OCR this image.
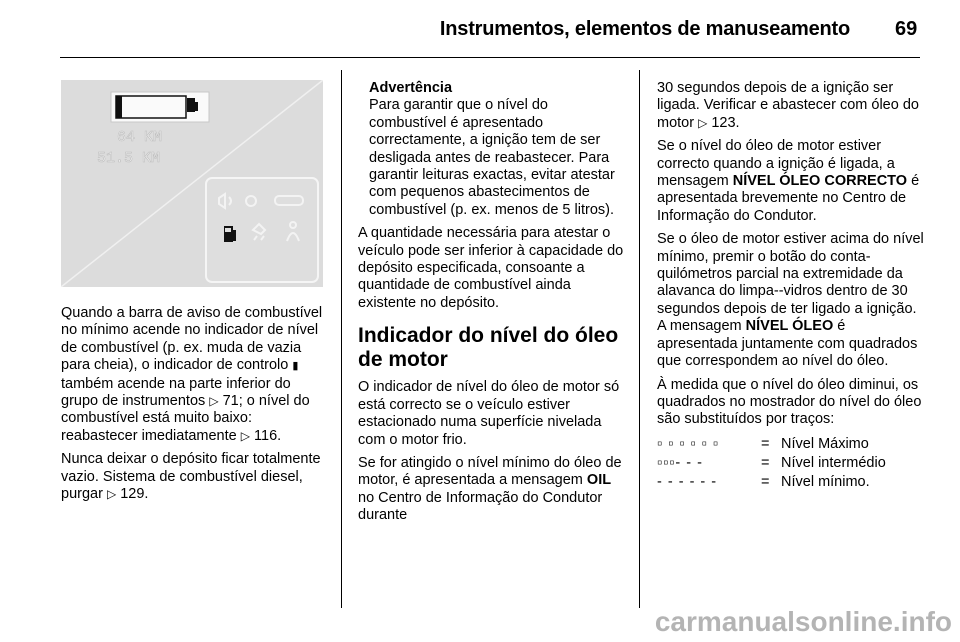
Instrumentos, elementos de manuseamento 69
64 KM
51.5 KM

Quando a barra de aviso de combustível no mínimo acende no indicador de nível de combustível (p. ex. muda de vazia para cheia), o indicador de controlo ▮ também acende na parte inferior do grupo de instrumentos ▷ 71; o nível do combustível está muito baixo: reabastecer imediatamente ▷ 116.

Nunca deixar o depósito ficar totalmente vazio. Sistema de combustível diesel, purgar ▷ 129.

Advertência
Para garantir que o nível do combustível é apresentado correctamente, a ignição tem de ser desligada antes de reabastecer. Para garantir leituras exactas, evitar atestar com pequenos abastecimentos de combustível (p. ex. menos de 5 litros).

A quantidade necessária para atestar o veículo pode ser inferior à capacidade do depósito especificada, consoante a quantidade de combustível ainda existente no depósito.

Indicador do nível do óleo de motor

O indicador de nível do óleo de motor só está correcto se o veículo estiver estacionado numa superfície nivelada com o motor frio.

Se for atingido o nível mínimo do óleo de motor, é apresentada a mensagem OIL no Centro de Informação do Condutor durante

30 segundos depois de a ignição ser ligada. Verificar e abastecer com óleo do motor ▷ 123.

Se o nível do óleo de motor estiver correcto quando a ignição é ligada, a mensagem NÍVEL ÓLEO CORRECTO é apresentada brevemente no Centro de Informação do Condutor.

Se o óleo de motor estiver acima do nível mínimo, premir o botão do conta-quilómetros parcial na extremidade da alavanca do limpa--vidros dentro de 30 segundos depois de ter ligado a ignição. A mensagem NÍVEL ÓLEO é apresentada juntamente com quadrados que correspondem ao nível do óleo.

À medida que o nível do óleo diminui, os quadrados no mostrador do nível do óleo são substituídos por traços:

▫ ▫ ▫ ▫ ▫ ▫	= Nível Máximo
▫▫▫- - -	= Nível intermédio
- - - - - -	= Nível mínimo.
carmanualsonline.info
